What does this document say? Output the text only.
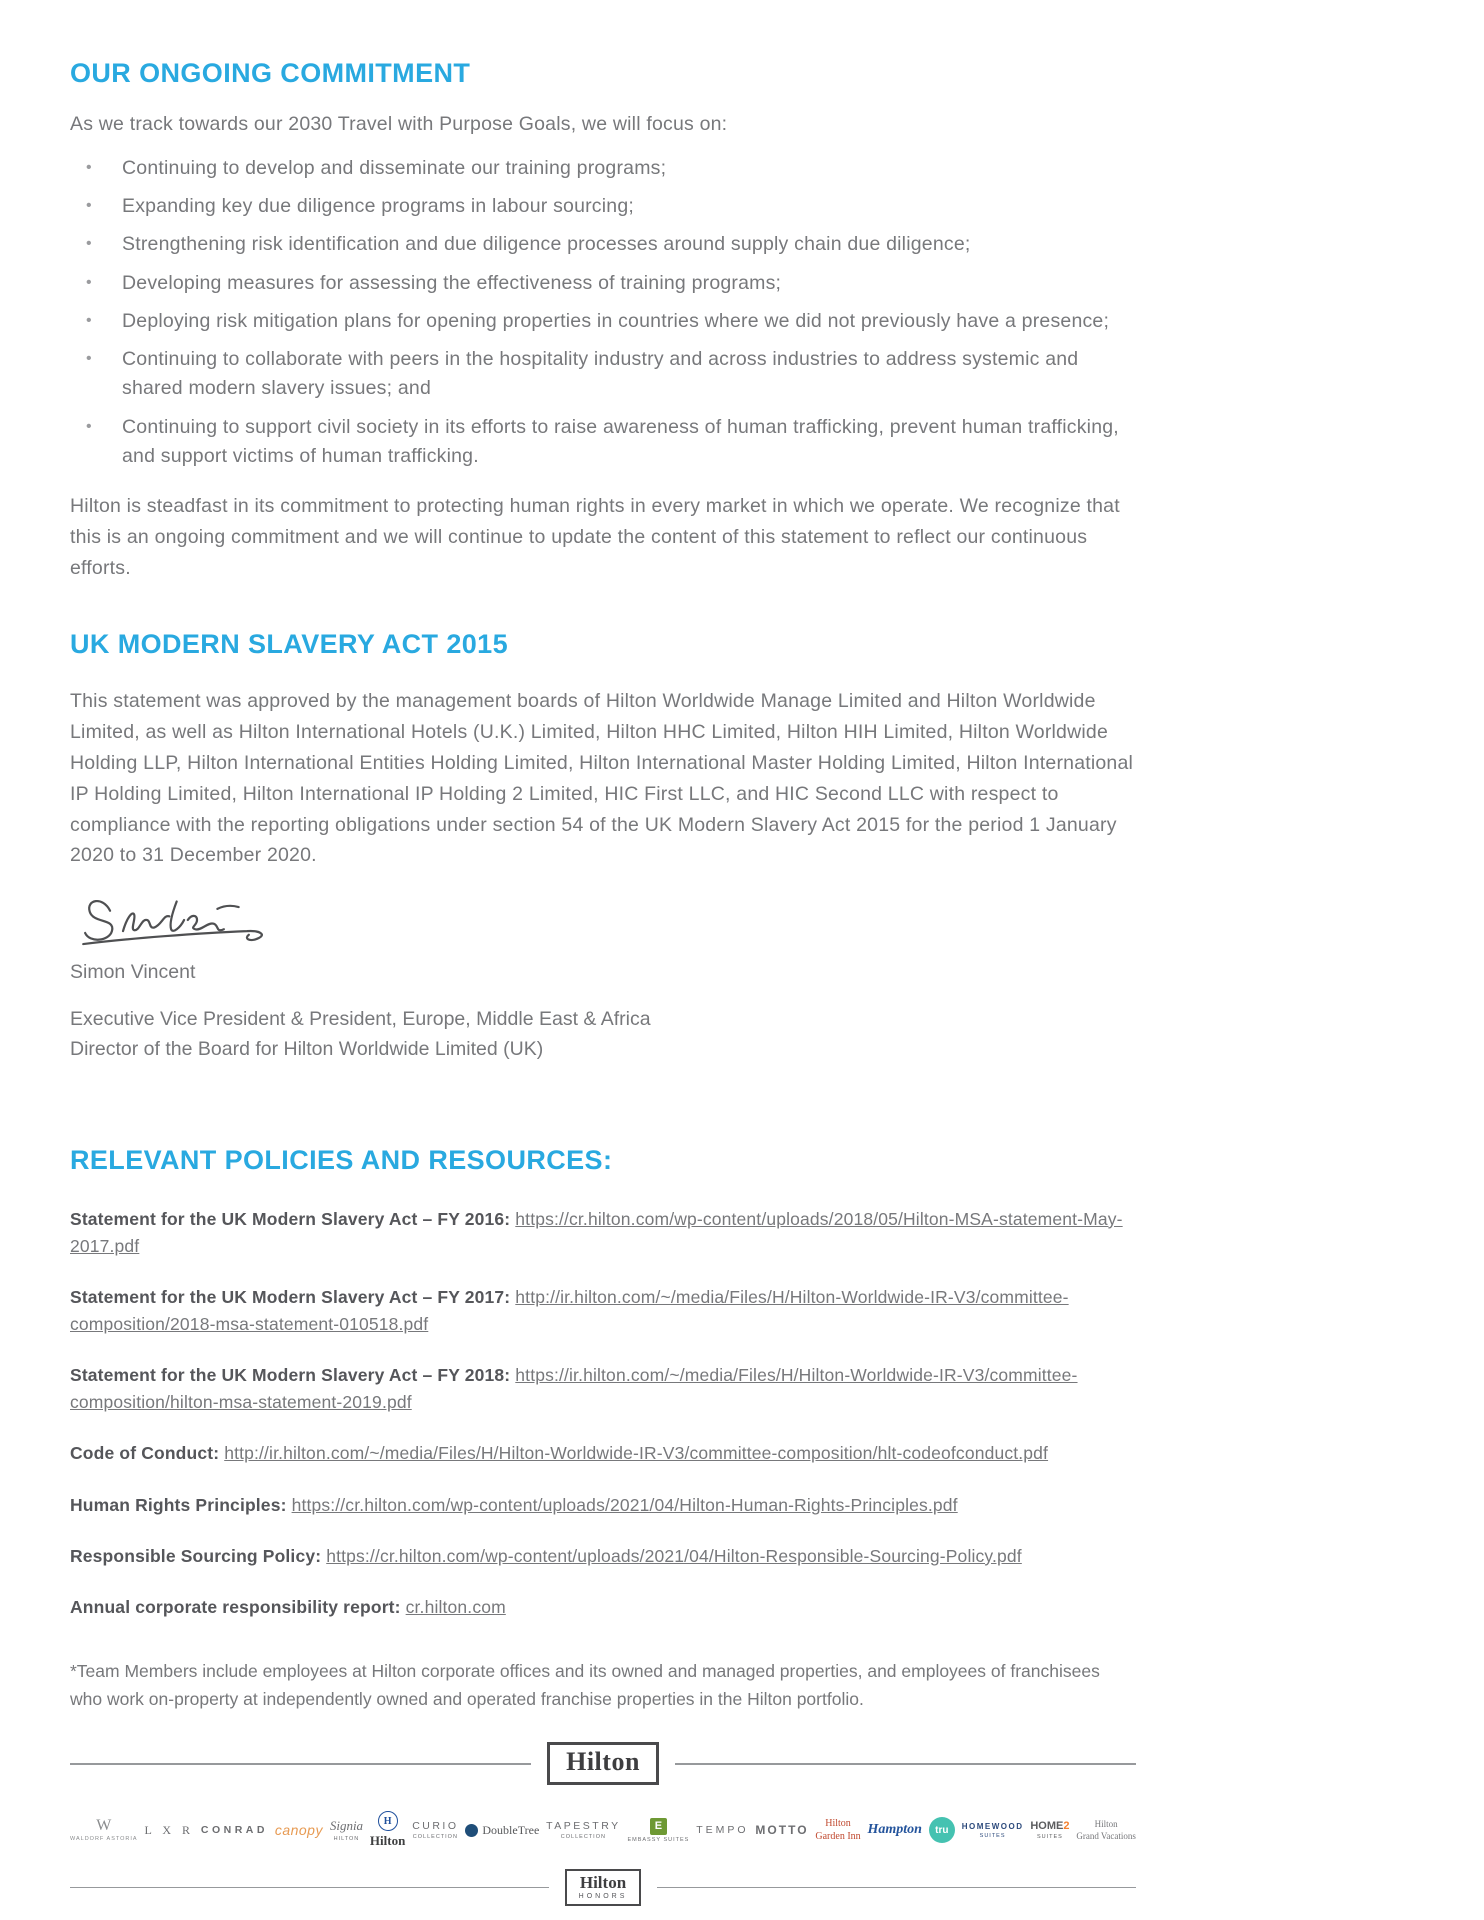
OUR ONGOING COMMITMENT

As we track towards our 2030 Travel with Purpose Goals, we will focus on:

• Continuing to develop and disseminate our training programs;
• Expanding key due diligence programs in labour sourcing;
• Strengthening risk identification and due diligence processes around supply chain due diligence;
• Developing measures for assessing the effectiveness of training programs;
• Deploying risk mitigation plans for opening properties in countries where we did not previously have a presence;
• Continuing to collaborate with peers in the hospitality industry and across industries to address systemic and shared modern slavery issues; and
• Continuing to support civil society in its efforts to raise awareness of human trafficking, prevent human trafficking, and support victims of human trafficking.

Hilton is steadfast in its commitment to protecting human rights in every market in which we operate. We recognize that this is an ongoing commitment and we will continue to update the content of this statement to reflect our continuous efforts.

UK MODERN SLAVERY ACT 2015

This statement was approved by the management boards of Hilton Worldwide Manage Limited and Hilton Worldwide Limited, as well as Hilton International Hotels (U.K.) Limited, Hilton HHC Limited, Hilton HIH Limited, Hilton Worldwide Holding LLP, Hilton International Entities Holding Limited, Hilton International Master Holding Limited, Hilton International IP Holding Limited, Hilton International IP Holding 2 Limited, HIC First LLC, and HIC Second LLC with respect to compliance with the reporting obligations under section 54 of the UK Modern Slavery Act 2015 for the period 1 January 2020 to 31 December 2020.

Simon Vincent

Executive Vice President & President, Europe, Middle East & Africa

Director of the Board for Hilton Worldwide Limited (UK)

RELEVANT POLICIES AND RESOURCES:

Statement for the UK Modern Slavery Act – FY 2016: https://cr.hilton.com/wp-content/uploads/2018/05/Hilton-MSA-statement-May-2017.pdf

Statement for the UK Modern Slavery Act – FY 2017: http://ir.hilton.com/~/media/Files/H/Hilton-Worldwide-IR-V3/committee-composition/2018-msa-statement-010518.pdf

Statement for the UK Modern Slavery Act – FY 2018: https://ir.hilton.com/~/media/Files/H/Hilton-Worldwide-IR-V3/committee-composition/hilton-msa-statement-2019.pdf

Code of Conduct: http://ir.hilton.com/~/media/Files/H/Hilton-Worldwide-IR-V3/committee-composition/hlt-codeofconduct.pdf

Human Rights Principles: https://cr.hilton.com/wp-content/uploads/2021/04/Hilton-Human-Rights-Principles.pdf

Responsible Sourcing Policy: https://cr.hilton.com/wp-content/uploads/2021/04/Hilton-Responsible-Sourcing-Policy.pdf

Annual corporate responsibility report: cr.hilton.com

*Team Members include employees at Hilton corporate offices and its owned and managed properties, and employees of franchisees who work on-property at independently owned and operated franchise properties in the Hilton portfolio.

Hilton
W
WALDORF ASTORIA
L X R CONRAD canopy Signia
HILTON
H
Hilton
CURIO
COLLECTION
DoubleTree TAPESTRY
COLLECTION
E
EMBASSY SUITES
TEMPO MOTTO Hilton
Garden Inn Hampton	tru	HOMEWOOD
SUITES
HOME2
SUITES
Hilton
Grand Vacations
Hilton
HONORS
